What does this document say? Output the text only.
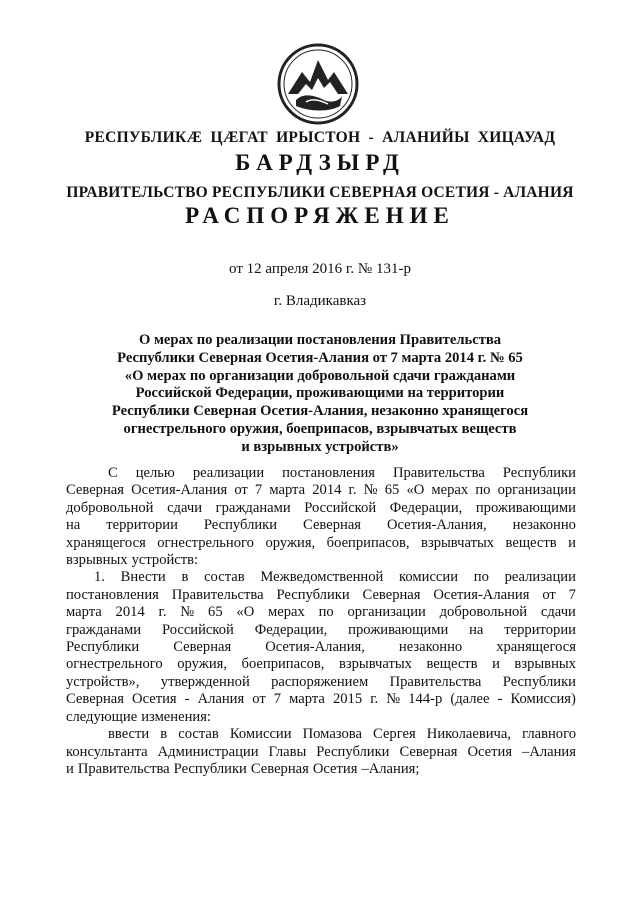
РЕСПУБЛИКӔ ЦӔГАТ ИРЫСТОН - АЛАНИЙЫ ХИЦАУАД
БАРДЗЫРД
ПРАВИТЕЛЬСТВО РЕСПУБЛИКИ СЕВЕРНАЯ ОСЕТИЯ - АЛАНИЯ
РАСПОРЯЖЕНИЕ
от 12 апреля 2016 г. № 131-р
г. Владикавказ
О мерах по реализации постановления Правительства
Республики Северная Осетия-Алания от 7 марта 2014 г. № 65
«О мерах по организации добровольной сдачи гражданами
Российской Федерации, проживающими на территории
Республики Северная Осетия-Алания, незаконно хранящегося
огнестрельного оружия, боеприпасов, взрывчатых веществ
и взрывных устройств»
С целью реализации постановления Правительства Республики
Северная Осетия-Алания от 7 марта 2014 г. № 65 «О мерах по организации
добровольной сдачи гражданами Российской Федерации, проживающими
на территории Республики Северная Осетия-Алания, незаконно
хранящегося огнестрельного оружия, боеприпасов, взрывчатых веществ и
взрывных устройств:
1. Внести в состав Межведомственной комиссии по реализации
постановления Правительства Республики Северная Осетия-Алания от 7
марта 2014 г. № 65 «О мерах по организации добровольной сдачи
гражданами Российской Федерации, проживающими на территории
Республики Северная Осетия-Алания, незаконно хранящегося
огнестрельного оружия, боеприпасов, взрывчатых веществ и взрывных
устройств», утвержденной распоряжением Правительства Республики
Северная Осетия - Алания от 7 марта 2015 г. № 144-р (далее - Комиссия)
следующие изменения:
ввести в состав Комиссии Помазова Сергея Николаевича, главного
консультанта Администрации Главы Республики Северная Осетия –Алания
и Правительства Республики Северная Осетия –Алания;
